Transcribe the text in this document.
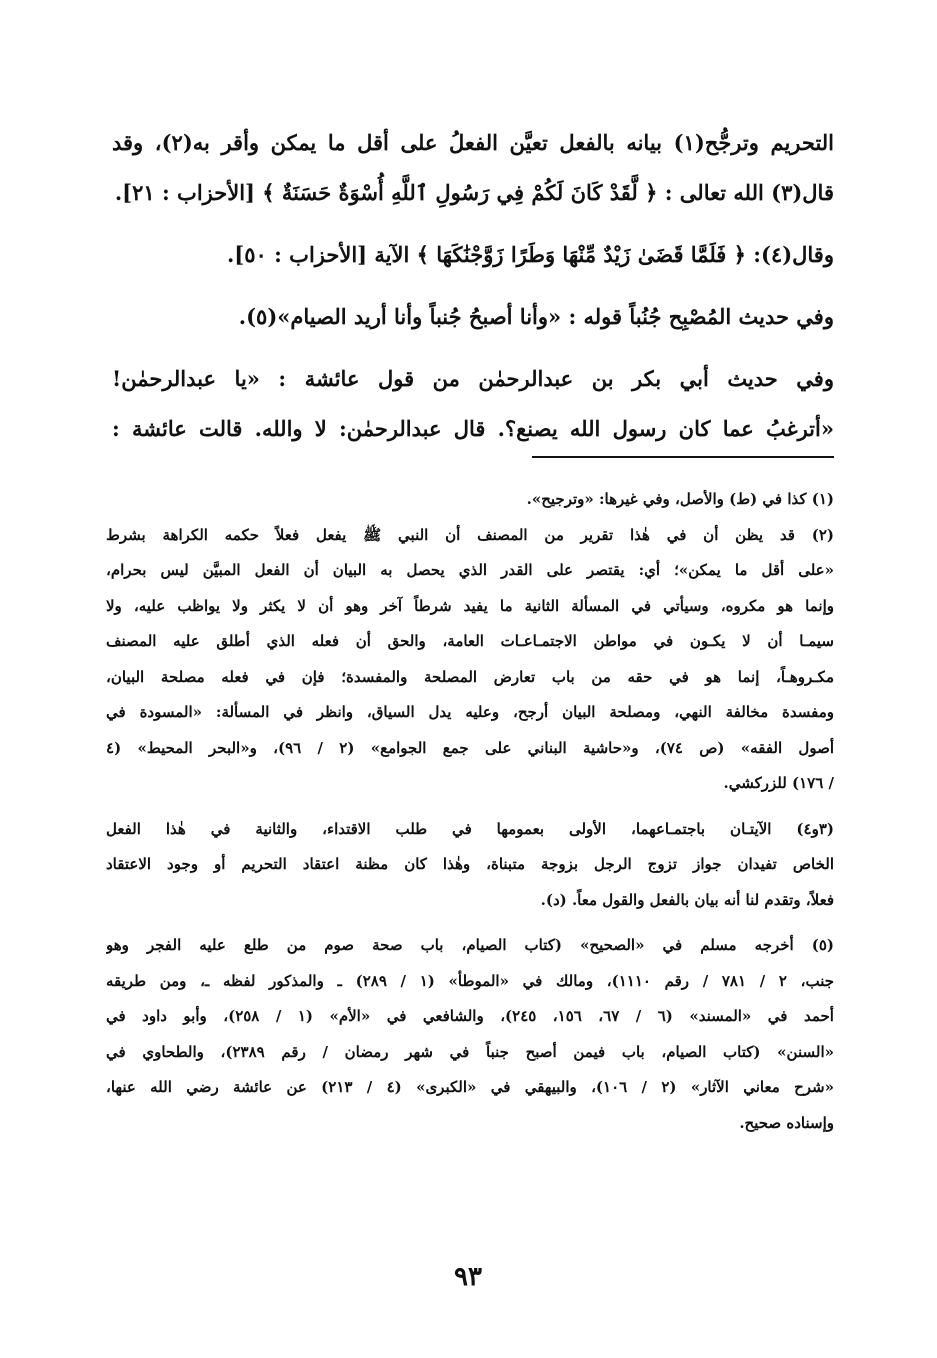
التحريم وترجُّح(١) بيانه بالفعل تعيَّن الفعلُ على أقل ما يمكن وأقر به(٢)، وقد
قال(٣) الله تعالى : ﴿ لَّقَدْ كَانَ لَكُمْ فِي رَسُولِ ٱللَّهِ أُسْوَةٌ حَسَنَةٌ ﴾ [الأحزاب : ٢١].
وقال(٤): ﴿ فَلَمَّا قَضَىٰ زَيْدٌ مِّنْهَا وَطَرًا زَوَّجْنَٰكَهَا ﴾ الآية [الأحزاب : ٥٠].
وفي حديث المُصْبِح جُنُباً قوله : «وأنا أصبحُ جُنباً وأنا أريد الصيام»(٥).
وفي حديث أبي بكر بن عبدالرحمٰن من قول عائشة : «يا عبدالرحمٰن!
«أترغبُ عما كان رسول الله يصنع؟. قال عبدالرحمٰن: لا والله. قالت عائشة :
(١) كذا في (ط) والأصل، وفي غيرها: «وترجيح».
(٢) قد يظن أن في هٰذا تقرير من المصنف أن النبي ﷺ يفعل فعلاً حكمه الكراهة بشرط
«على أقل ما يمكن»؛ أي: يقتصر على القدر الذي يحصل به البيان أن الفعل المبيَّن ليس بحرام،
وإنما هو مكروه، وسيأتي في المسألة الثانية ما يفيد شرطاً آخر وهو أن لا يكثر ولا يواظب عليه، ولا
سيمـا أن لا يكـون في مواطن الاجتمـاعـات العامة، والحق أن فعله الذي أطلق عليه المصنف
مكـروهـاً، إنما هو في حقه من باب تعارض المصلحة والمفسدة؛ فإن في فعله مصلحة البيان،
ومفسدة مخالفة النهي، ومصلحة البيان أرجح، وعليه يدل السياق، وانظر في المسألة: «المسودة في
أصول الفقه» (ص ٧٤)، و«حاشية البناني على جمع الجوامع» (٢ / ٩٦)، و«البحر المحيط» (٤
/ ١٧٦) للزركشي.
(٣و٤) الآيتـان باجتمـاعهما، الأولى بعمومها في طلب الاقتداء، والثانية في هٰذا الفعل
الخاص تفيدان جواز تزوج الرجل بزوجة متبناة، وهٰذا كان مظنة اعتقاد التحريم أو وجود الاعتقاد
فعلاً، وتقدم لنا أنه بيان بالفعل والقول معاً. (د).
(٥) أخرجه مسلم في «الصحيح» (كتاب الصيام، باب صحة صوم من طلع عليه الفجر وهو
جنب، ٢ / ٧٨١ / رقم ١١١٠)، ومالك في «الموطأ» (١ / ٢٨٩) ـ والمذكور لفظه ـ، ومن طريقه
أحمد في «المسند» (٦ / ٦٧، ١٥٦، ٢٤٥)، والشافعي في «الأم» (١ / ٢٥٨)، وأبو داود في
«السنن» (كتاب الصيام، باب فيمن أصبح جنباً في شهر رمضان / رقم ٢٣٨٩)، والطحاوي في
«شرح معاني الآثار» (٢ / ١٠٦)، والبيهقي في «الكبرى» (٤ / ٢١٣) عن عائشة رضي الله عنها،
وإسناده صحيح.
٩٣
